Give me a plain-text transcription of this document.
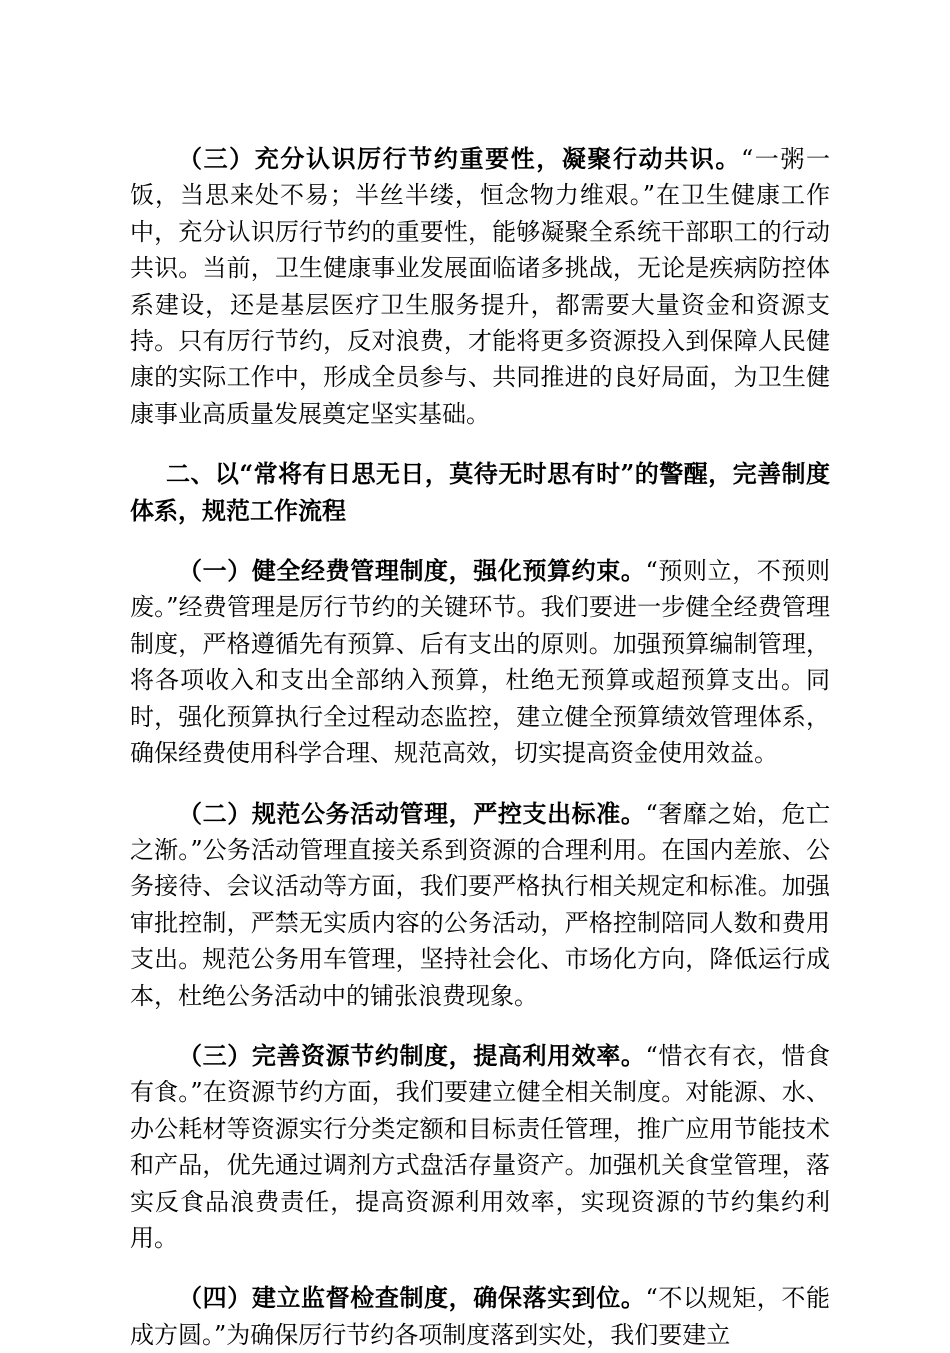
（三）充分认识厉行节约重要性，凝聚行动共识。“一粥一饭，当思来处不易；半丝半缕，恒念物力维艰。”在卫生健康工作中，充分认识厉行节约的重要性，能够凝聚全系统干部职工的行动共识。当前，卫生健康事业发展面临诸多挑战，无论是疾病防控体系建设，还是基层医疗卫生服务提升，都需要大量资金和资源支持。只有厉行节约，反对浪费，才能将更多资源投入到保障人民健康的实际工作中，形成全员参与、共同推进的良好局面，为卫生健康事业高质量发展奠定坚实基础。

二、以“常将有日思无日，莫待无时思有时”的警醒，完善制度体系，规范工作流程

（一）健全经费管理制度，强化预算约束。“预则立，不预则废。”经费管理是厉行节约的关键环节。我们要进一步健全经费管理制度，严格遵循先有预算、后有支出的原则。加强预算编制管理，将各项收入和支出全部纳入预算，杜绝无预算或超预算支出。同时，强化预算执行全过程动态监控，建立健全预算绩效管理体系，确保经费使用科学合理、规范高效，切实提高资金使用效益。

（二）规范公务活动管理，严控支出标准。“奢靡之始，危亡之渐。”公务活动管理直接关系到资源的合理利用。在国内差旅、公务接待、会议活动等方面，我们要严格执行相关规定和标准。加强审批控制，严禁无实质内容的公务活动，严格控制陪同人数和费用支出。规范公务用车管理，坚持社会化、市场化方向，降低运行成本，杜绝公务活动中的铺张浪费现象。

（三）完善资源节约制度，提高利用效率。“惜衣有衣，惜食有食。”在资源节约方面，我们要建立健全相关制度。对能源、水、办公耗材等资源实行分类定额和目标责任管理，推广应用节能技术和产品，优先通过调剂方式盘活存量资产。加强机关食堂管理，落实反食品浪费责任，提高资源利用效率，实现资源的节约集约利用。

（四）建立监督检查制度，确保落实到位。“不以规矩，不能成方圆。”为确保厉行节约各项制度落到实处，我们要建立
